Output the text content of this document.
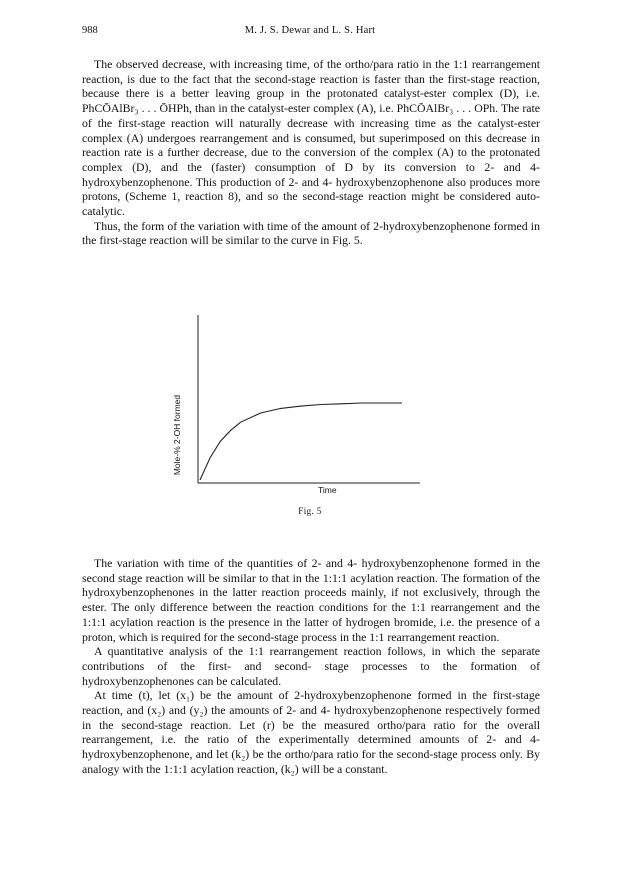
988	M. J. S. Dewar and L. S. Hart

The observed decrease, with increasing time, of the ortho/para ratio in the 1:1 rearrangement reaction, is due to the fact that the second-stage reaction is faster than the first-stage reaction, because there is a better leaving group in the protonated catalyst-ester complex (D), i.e. PhCŌAlBr₃ . . . ŌHPh, than in the catalyst-ester complex (A), i.e. PhCŌAlBr₃ . . . OPh. The rate of the first-stage reaction will naturally decrease with increasing time as the catalyst-ester complex (A) undergoes rearrangement and is consumed, but superimposed on this decrease in reaction rate is a further decrease, due to the conversion of the complex (A) to the protonated complex (D), and the (faster) consumption of D by its conversion to 2- and 4-hydroxybenzophenone. This production of 2- and 4- hydroxybenzophenone also produces more protons, (Scheme 1, reaction 8), and so the second-stage reaction might be considered auto-catalytic.

Thus, the form of the variation with time of the amount of 2-hydroxybenzophenone formed in the first-stage reaction will be similar to the curve in Fig. 5.

Mole-% 2-OH formed
Time
Fig. 5

The variation with time of the quantities of 2- and 4- hydroxybenzophenone formed in the second stage reaction will be similar to that in the 1:1:1 acylation reaction. The formation of the hydroxybenzophenones in the latter reaction proceeds mainly, if not exclusively, through the ester. The only difference between the reaction conditions for the 1:1 rearrangement and the 1:1:1 acylation reaction is the presence in the latter of hydrogen bromide, i.e. the presence of a proton, which is required for the second-stage process in the 1:1 rearrangement reaction.

A quantitative analysis of the 1:1 rearrangement reaction follows, in which the separate contributions of the first- and second- stage processes to the formation of hydroxybenzophenones can be calculated.

At time (t), let (x₁) be the amount of 2-hydroxybenzophenone formed in the first-stage reaction, and (x₂) and (y₂) the amounts of 2- and 4- hydroxybenzophenone respectively formed in the second-stage reaction. Let (r) be the measured ortho/para ratio for the overall rearrangement, i.e. the ratio of the experimentally determined amounts of 2- and 4- hydroxybenzophenone, and let (k₂) be the ortho/para ratio for the second-stage process only. By analogy with the 1:1:1 acylation reaction, (k₂) will be a constant.
